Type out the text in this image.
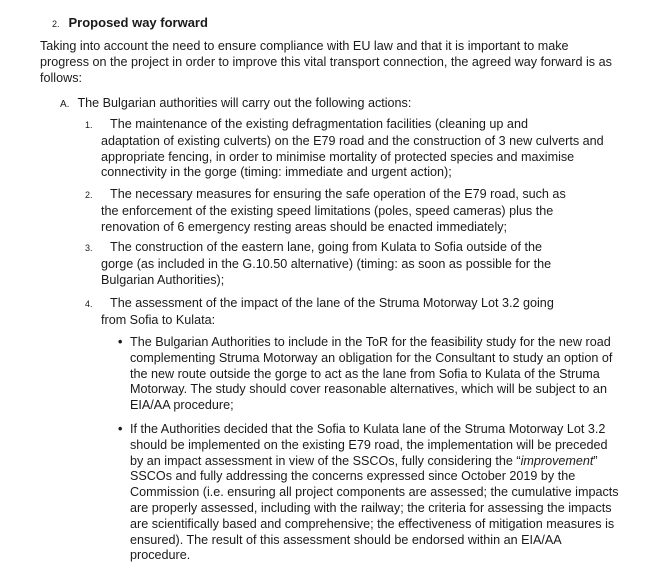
2. Proposed way forward
Taking into account the need to ensure compliance with EU law and that it is important to make progress on the project in order to improve this vital transport connection, the agreed way forward is as follows:
A. The Bulgarian authorities will carry out the following actions:
1. The maintenance of the existing defragmentation facilities (cleaning up and
adaptation of existing culverts) on the E79 road and the construction of 3 new culverts and appropriate fencing, in order to minimise mortality of protected species and maximise connectivity in the gorge (timing: immediate and urgent action);
2. The necessary measures for ensuring the safe operation of the E79 road, such as
the enforcement of the existing speed limitations (poles, speed cameras) plus the renovation of 6 emergency resting areas should be enacted immediately;
3. The construction of the eastern lane, going from Kulata to Sofia outside of the
gorge (as included in the G.10.50 alternative) (timing: as soon as possible for the Bulgarian Authorities);
4. The assessment of the impact of the lane of the Struma Motorway Lot 3.2 going
from Sofia to Kulata:
• The Bulgarian Authorities to include in the ToR for the feasibility study for the new road complementing Struma Motorway an obligation for the Consultant to study an option of the new route outside the gorge to act as the lane from Sofia to Kulata of the Struma Motorway. The study should cover reasonable alternatives, which will be subject to an EIA/AA procedure;
• If the Authorities decided that the Sofia to Kulata lane of the Struma Motorway Lot 3.2 should be implemented on the existing E79 road, the implementation will be preceded by an impact assessment in view of the SSCOs, fully considering the “improvement” SSCOs and fully addressing the concerns expressed since October 2019 by the Commission (i.e. ensuring all project components are assessed; the cumulative impacts are properly assessed, including with the railway; the criteria for assessing the impacts are scientifically based and comprehensive; the effectiveness of mitigation measures is ensured). The result of this assessment should be endorsed within an EIA/AA procedure.
